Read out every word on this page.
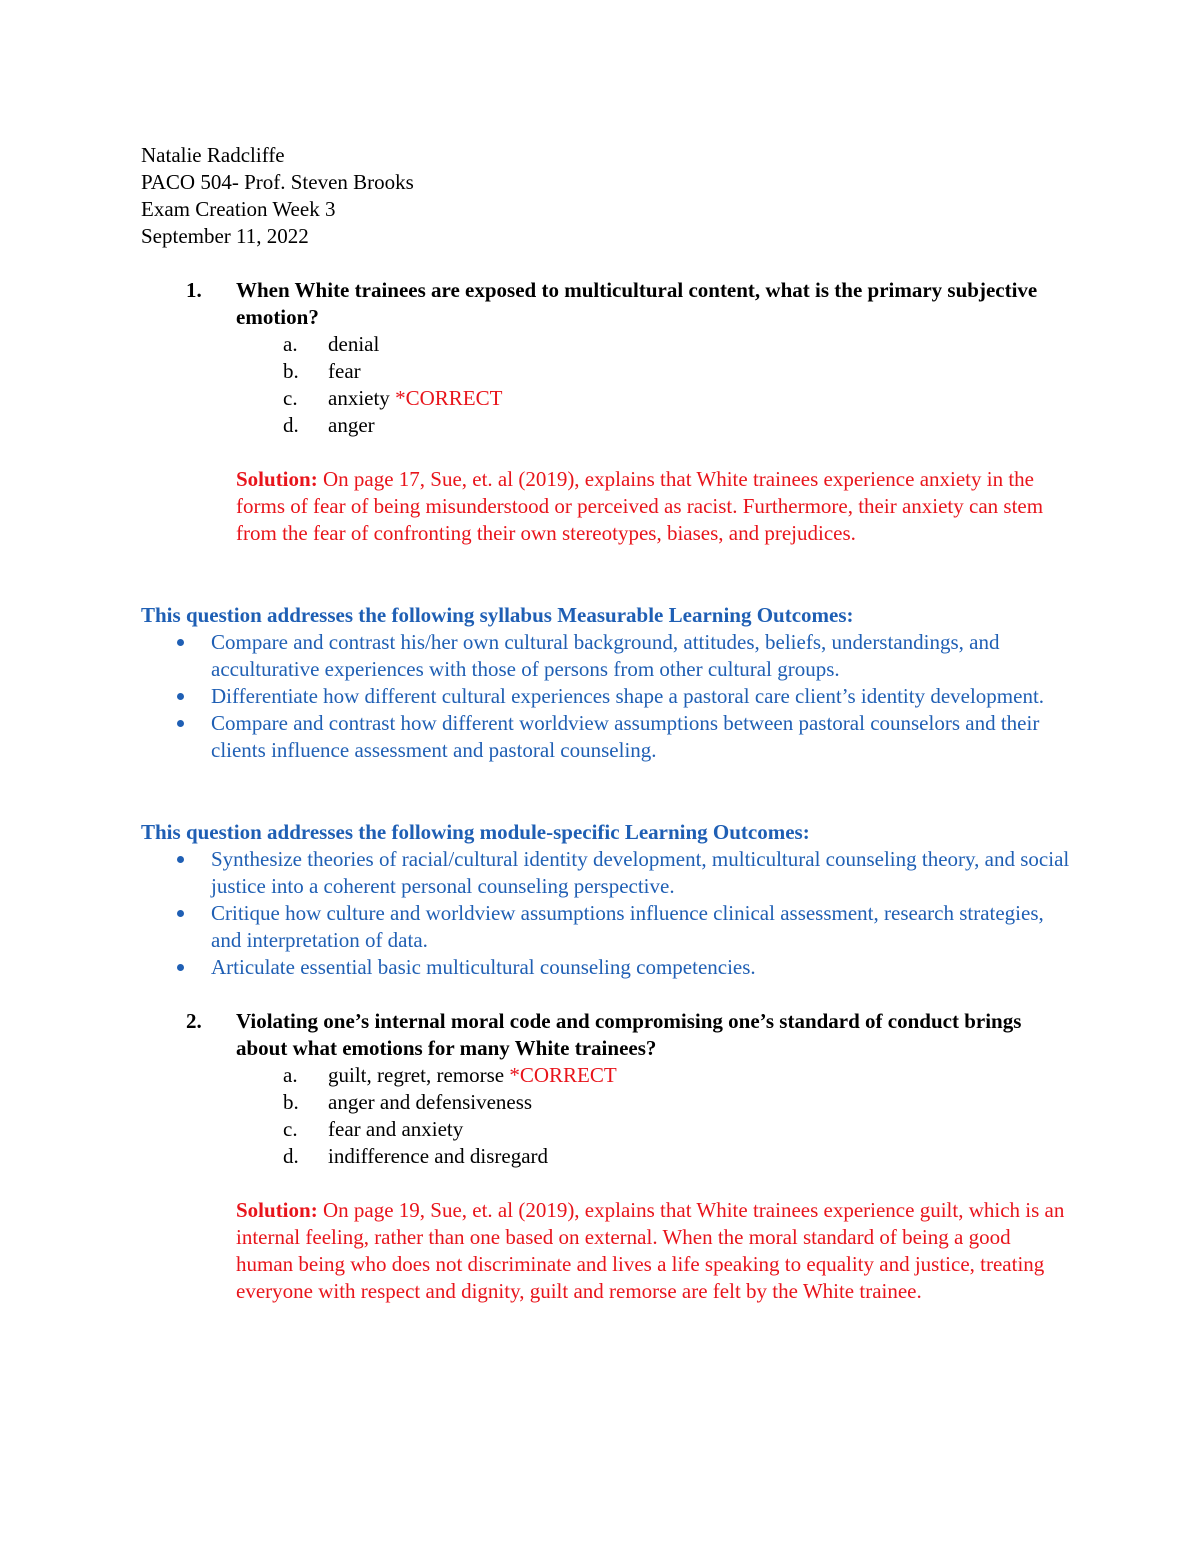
Natalie Radcliffe
PACO 504- Prof. Steven Brooks
Exam Creation Week 3
September 11, 2022
1.	When White trainees are exposed to multicultural content, what is the primary subjective emotion?
a.	denial
b.	fear
c.	anxiety *CORRECT
d.	anger
Solution: On page 17, Sue, et. al (2019), explains that White trainees experience anxiety in the forms of fear of being misunderstood or perceived as racist. Furthermore, their anxiety can stem from the fear of confronting their own stereotypes, biases, and prejudices.
This question addresses the following syllabus Measurable Learning Outcomes:
Compare and contrast his/her own cultural background, attitudes, beliefs, understandings, and acculturative experiences with those of persons from other cultural groups.
Differentiate how different cultural experiences shape a pastoral care client’s identity development.
Compare and contrast how different worldview assumptions between pastoral counselors and their clients influence assessment and pastoral counseling.
This question addresses the following module-specific Learning Outcomes:
Synthesize theories of racial/cultural identity development, multicultural counseling theory, and social justice into a coherent personal counseling perspective.
Critique how culture and worldview assumptions influence clinical assessment, research strategies, and interpretation of data.
Articulate essential basic multicultural counseling competencies.
2.	Violating one’s internal moral code and compromising one’s standard of conduct brings about what emotions for many White trainees?
a.	guilt, regret, remorse *CORRECT
b.	anger and defensiveness
c.	fear and anxiety
d.	indifference and disregard
Solution: On page 19, Sue, et. al (2019), explains that White trainees experience guilt, which is an internal feeling, rather than one based on external. When the moral standard of being a good human being who does not discriminate and lives a life speaking to equality and justice, treating everyone with respect and dignity, guilt and remorse are felt by the White trainee.
